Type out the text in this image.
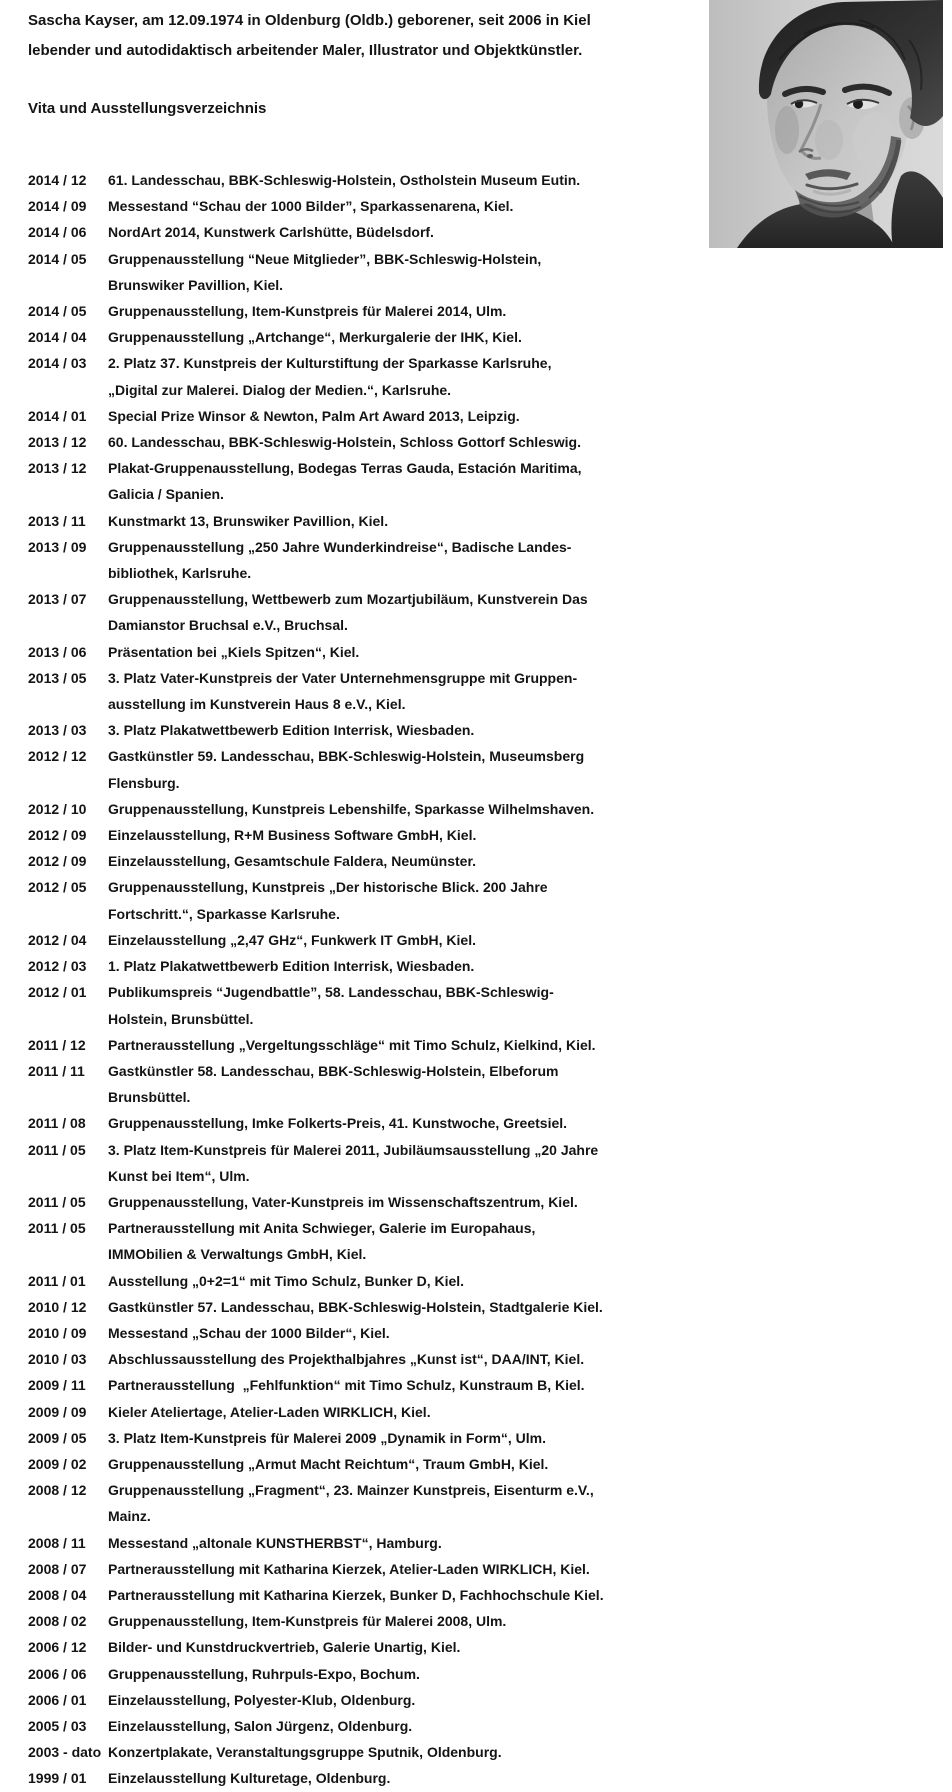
Sascha Kayser, am 12.09.1974 in Oldenburg (Oldb.) geborener, seit 2006 in Kiel
lebender und autodidaktisch arbeitender Maler, Illustrator und Objektkünstler.
Vita und Ausstellungsverzeichnis
2014 / 12	61. Landesschau, BBK-Schleswig-Holstein, Ostholstein Museum Eutin.
2014 / 09	Messestand “Schau der 1000 Bilder”, Sparkassenarena, Kiel.
2014 / 06	NordArt 2014, Kunstwerk Carlshütte, Büdelsdorf.
2014 / 05	Gruppenausstellung “Neue Mitglieder”, BBK-Schleswig-Holstein,
Brunswiker Pavillion, Kiel.
2014 / 05	Gruppenausstellung, Item-Kunstpreis für Malerei 2014, Ulm.
2014 / 04	Gruppenausstellung „Artchange“, Merkurgalerie der IHK, Kiel.
2014 / 03	2. Platz 37. Kunstpreis der Kulturstiftung der Sparkasse Karlsruhe,
„Digital zur Malerei. Dialog der Medien.“, Karlsruhe.
2014 / 01	Special Prize Winsor & Newton, Palm Art Award 2013, Leipzig.
2013 / 12	60. Landesschau, BBK-Schleswig-Holstein, Schloss Gottorf Schleswig.
2013 / 12	Plakat-Gruppenausstellung, Bodegas Terras Gauda, Estación Maritima,
Galicia / Spanien.
2013 / 11	Kunstmarkt 13, Brunswiker Pavillion, Kiel.
2013 / 09	Gruppenausstellung „250 Jahre Wunderkindreise“, Badische Landes-
bibliothek, Karlsruhe.
2013 / 07	Gruppenausstellung, Wettbewerb zum Mozartjubiläum, Kunstverein Das
Damianstor Bruchsal e.V., Bruchsal.
2013 / 06	Präsentation bei „Kiels Spitzen“, Kiel.
2013 / 05	3. Platz Vater-Kunstpreis der Vater Unternehmensgruppe mit Gruppen-
ausstellung im Kunstverein Haus 8 e.V., Kiel.
2013 / 03	3. Platz Plakatwettbewerb Edition Interrisk, Wiesbaden.
2012 / 12	Gastkünstler 59. Landesschau, BBK-Schleswig-Holstein, Museumsberg
Flensburg.
2012 / 10	Gruppenausstellung, Kunstpreis Lebenshilfe, Sparkasse Wilhelmshaven.
2012 / 09	Einzelausstellung, R+M Business Software GmbH, Kiel.
2012 / 09	Einzelausstellung, Gesamtschule Faldera, Neumünster.
2012 / 05	Gruppenausstellung, Kunstpreis „Der historische Blick. 200 Jahre
Fortschritt.“, Sparkasse Karlsruhe.
2012 / 04	Einzelausstellung „2,47 GHz“, Funkwerk IT GmbH, Kiel.
2012 / 03	1. Platz Plakatwettbewerb Edition Interrisk, Wiesbaden.
2012 / 01	Publikumspreis “Jugendbattle”, 58. Landesschau, BBK-Schleswig-
Holstein, Brunsbüttel.
2011 / 12	Partnerausstellung „Vergeltungsschläge“ mit Timo Schulz, Kielkind, Kiel.
2011 / 11	Gastkünstler 58. Landesschau, BBK-Schleswig-Holstein, Elbeforum
Brunsbüttel.
2011 / 08	Gruppenausstellung, Imke Folkerts-Preis, 41. Kunstwoche, Greetsiel.
2011 / 05	3. Platz Item-Kunstpreis für Malerei 2011, Jubiläumsausstellung „20 Jahre
Kunst bei Item“, Ulm.
2011 / 05	Gruppenausstellung, Vater-Kunstpreis im Wissenschaftszentrum, Kiel.
2011 / 05	Partnerausstellung mit Anita Schwieger, Galerie im Europahaus,
IMMObilien & Verwaltungs GmbH, Kiel.
2011 / 01	Ausstellung „0+2=1“ mit Timo Schulz, Bunker D, Kiel.
2010 / 12	Gastkünstler 57. Landesschau, BBK-Schleswig-Holstein, Stadtgalerie Kiel.
2010 / 09	Messestand „Schau der 1000 Bilder“, Kiel.
2010 / 03	Abschlussausstellung des Projekthalbjahres „Kunst ist“, DAA/INT, Kiel.
2009 / 11	Partnerausstellung  „Fehlfunktion“ mit Timo Schulz, Kunstraum B, Kiel.
2009 / 09	Kieler Ateliertage, Atelier-Laden WIRKLICH, Kiel.
2009 / 05	3. Platz Item-Kunstpreis für Malerei 2009 „Dynamik in Form“, Ulm.
2009 / 02	Gruppenausstellung „Armut Macht Reichtum“, Traum GmbH, Kiel.
2008 / 12	Gruppenausstellung „Fragment“, 23. Mainzer Kunstpreis, Eisenturm e.V.,
Mainz.
2008 / 11	Messestand „altonale KUNSTHERBST“, Hamburg.
2008 / 07	Partnerausstellung mit Katharina Kierzek, Atelier-Laden WIRKLICH, Kiel.
2008 / 04	Partnerausstellung mit Katharina Kierzek, Bunker D, Fachhochschule Kiel.
2008 / 02	Gruppenausstellung, Item-Kunstpreis für Malerei 2008, Ulm.
2006 / 12	Bilder- und Kunstdruckvertrieb, Galerie Unartig, Kiel.
2006 / 06	Gruppenausstellung, Ruhrpuls-Expo, Bochum.
2006 / 01	Einzelausstellung, Polyester-Klub, Oldenburg.
2005 / 03	Einzelausstellung, Salon Jürgenz, Oldenburg.
2003 - dato Konzertplakate, Veranstaltungsgruppe Sputnik, Oldenburg.
1999 / 01	Einzelausstellung Kulturetage, Oldenburg.
